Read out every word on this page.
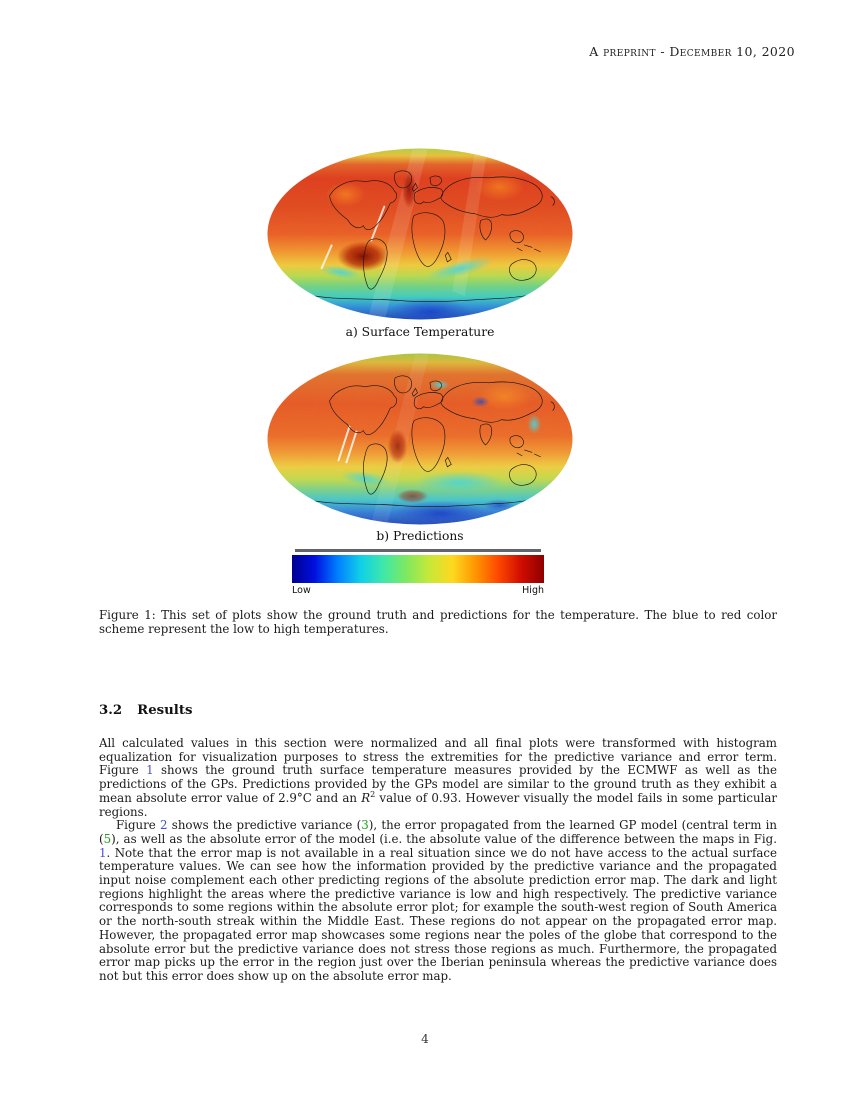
A preprint - December 10, 2020
a) Surface Temperature
b) Predictions
Low	High
Figure 1: This set of plots show the ground truth and predictions for the temperature. The blue to red color scheme represent the low to high temperatures.
3.2 Results

All calculated values in this section were normalized and all final plots were transformed with histogram equalization for visualization purposes to stress the extremities for the predictive variance and error term. Figure 1 shows the ground truth surface temperature measures provided by the ECMWF as well as the predictions of the GPs. Predictions provided by the GPs model are similar to the ground truth as they exhibit a mean absolute error value of 2.9°C and an $R^2$ value of 0.93. However visually the model fails in some particular regions.

Figure 2 shows the predictive variance (3), the error propagated from the learned GP model (central term in (5), as well as the absolute error of the model (i.e. the absolute value of the difference between the maps in Fig. 1. Note that the error map is not available in a real situation since we do not have access to the actual surface temperature values. We can see how the information provided by the predictive variance and the propagated input noise complement each other predicting regions of the absolute prediction error map. The dark and light regions highlight the areas where the predictive variance is low and high respectively. The predictive variance corresponds to some regions within the absolute error plot; for example the south-west region of South America or the north-south streak within the Middle East. These regions do not appear on the propagated error map. However, the propagated error map showcases some regions near the poles of the globe that correspond to the absolute error but the predictive variance does not stress those regions as much. Furthermore, the propagated error map picks up the error in the region just over the Iberian peninsula whereas the predictive variance does not but this error does show up on the absolute error map.

4
